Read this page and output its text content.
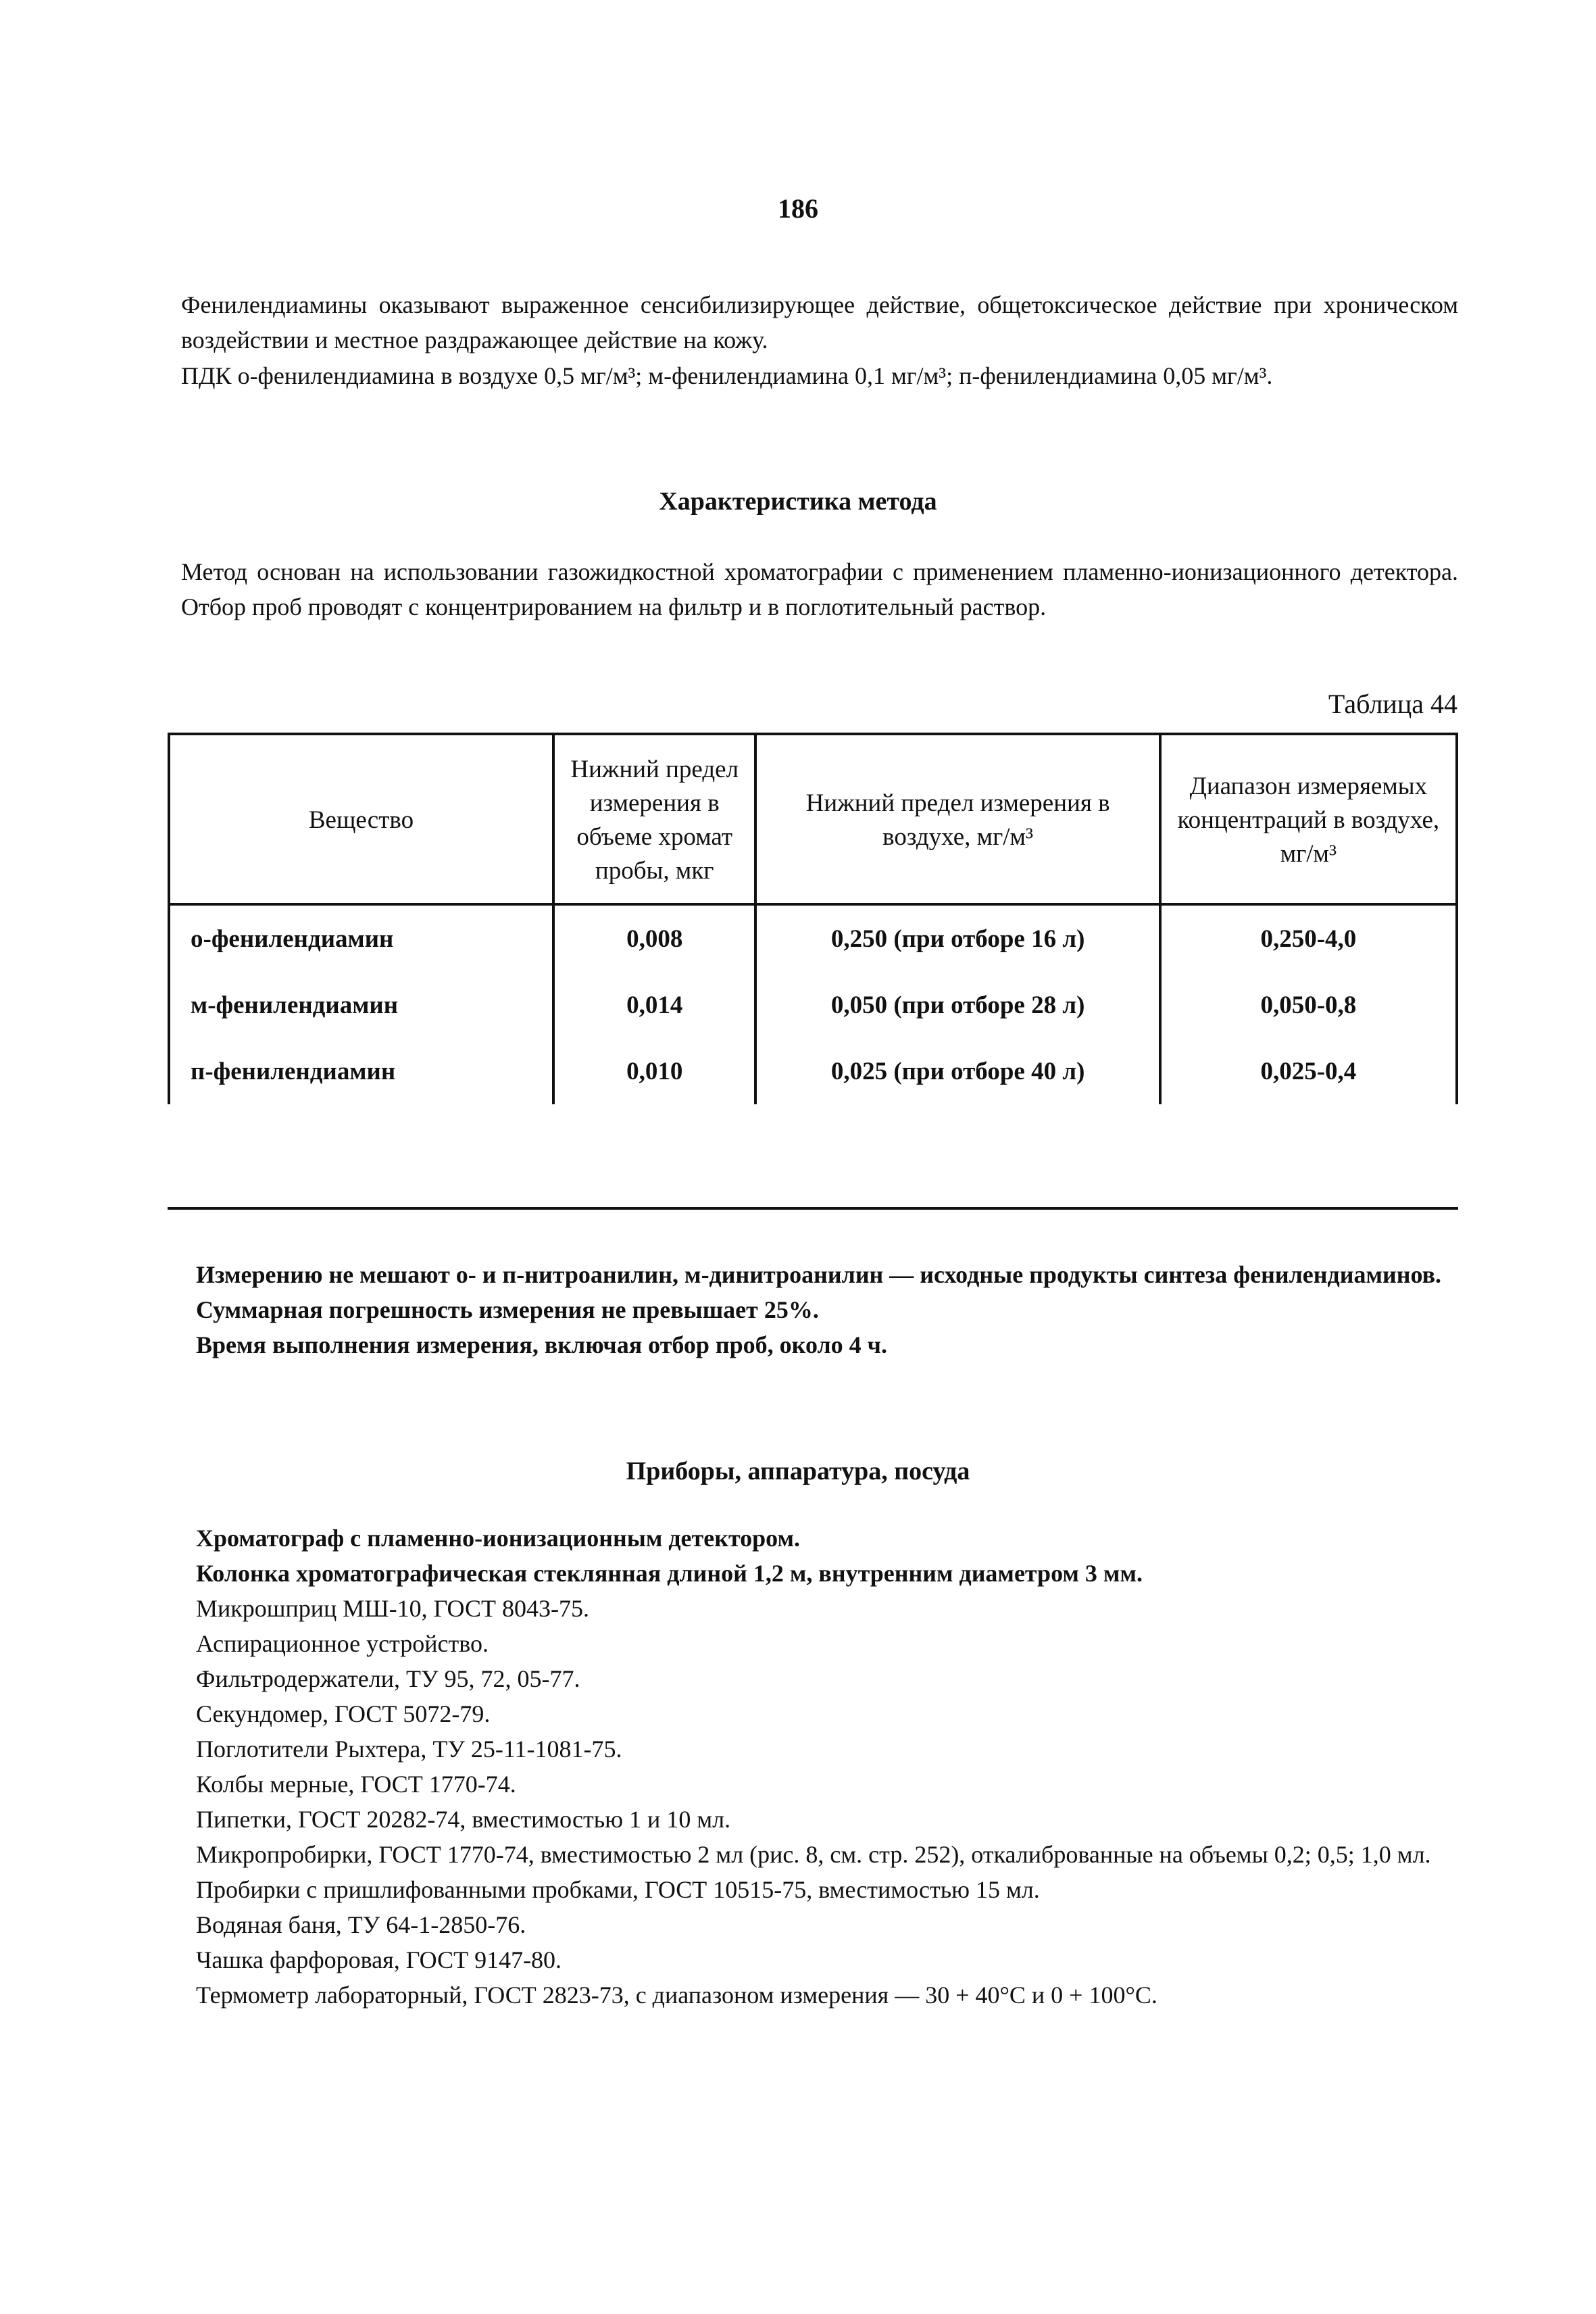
186
Фенилендиамины оказывают выраженное сенсибилизирующее действие, общетоксическое действие при хроническом воздействии и местное раздражающее действие на кожу.
ПДК о-фенилендиамина в воздухе 0,5 мг/м³; м-фенилендиамина 0,1 мг/м³; п-фенилендиамина 0,05 мг/м³.
Характеристика метода
Метод основан на использовании газожидкостной хроматографии с применением пламенно-ионизационного детектора. Отбор проб проводят с концентрированием на фильтр и в поглотительный раствор.
Таблица 44
Вещество	Нижний предел измерения в объеме хромат пробы, мкг	Нижний предел измерения в воздухе, мг/м³	Диапазон измеряемых концентраций в воздухе, мг/м³
о-фенилендиамин	0,008	0,250 (при отборе 16 л)	0,250-4,0
м-фенилендиамин	0,014	0,050 (при отборе 28 л)	0,050-0,8
п-фенилендиамин	0,010	0,025 (при отборе 40 л)	0,025-0,4
Измерению не мешают о- и п-нитроанилин, м-динитроанилин — исходные продукты синтеза фенилендиаминов.
Суммарная погрешность измерения не превышает 25%.
Время выполнения измерения, включая отбор проб, около 4 ч.
Приборы, аппаратура, посуда
Хроматограф с пламенно-ионизационным детектором.
Колонка хроматографическая стеклянная длиной 1,2 м, внутренним диаметром 3 мм.
Микрошприц МШ-10, ГОСТ 8043-75.
Аспирационное устройство.
Фильтродержатели, ТУ 95, 72, 05-77.
Секундомер, ГОСТ 5072-79.
Поглотители Рыхтера, ТУ 25-11-1081-75.
Колбы мерные, ГОСТ 1770-74.
Пипетки, ГОСТ 20282-74, вместимостью 1 и 10 мл.
Микропробирки, ГОСТ 1770-74, вместимостью 2 мл (рис. 8, см. стр. 252), откалиброванные на объемы 0,2; 0,5; 1,0 мл.
Пробирки с пришлифованными пробками, ГОСТ 10515-75, вместимостью 15 мл.
Водяная баня, ТУ 64-1-2850-76.
Чашка фарфоровая, ГОСТ 9147-80.
Термометр лабораторный, ГОСТ 2823-73, с диапазоном измерения — 30 + 40°С и 0 + 100°С.
